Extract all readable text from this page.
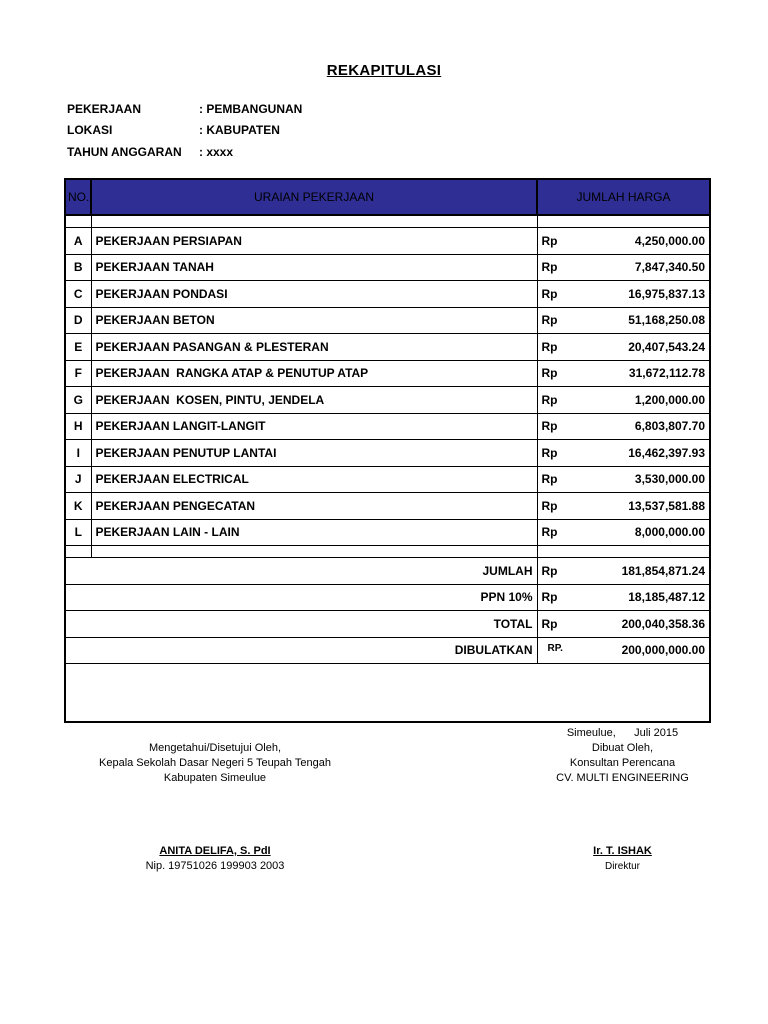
REKAPITULASI
PEKERJAAN	: PEMBANGUNAN
LOKASI	: KABUPATEN
TAHUN ANGGARAN : xxxx
NO.	URAIAN PEKERJAAN	JUMLAH HARGA

A	PEKERJAAN PERSIAPAN	Rp 4,250,000.00

B	PEKERJAAN TANAH	Rp 7,847,340.50

C	PEKERJAAN PONDASI	Rp 16,975,837.13

D	PEKERJAAN BETON	Rp 51,168,250.08

E	PEKERJAAN PASANGAN & PLESTERAN	Rp 20,407,543.24

F	PEKERJAAN  RANGKA ATAP & PENUTUP ATAP	Rp 31,672,112.78

G	PEKERJAAN  KOSEN, PINTU, JENDELA	Rp 1,200,000.00

H	PEKERJAAN LANGIT-LANGIT	Rp 6,803,807.70

I	PEKERJAAN PENUTUP LANTAI	Rp 16,462,397.93

J	PEKERJAAN ELECTRICAL	Rp 3,530,000.00

K	PEKERJAAN PENGECATAN	Rp 13,537,581.88

L	PEKERJAAN LAIN - LAIN	Rp 8,000,000.00

JUMLAH		Rp 181,854,871.24

PPN 10%		Rp 18,185,487.12

TOTAL		Rp 200,040,358.36

DIBULATKAN		RP. 200,000,000.00

Mengetahui/Disetujui Oleh,
Kepala Sekolah Dasar Negeri 5 Teupah Tengah
Kabupaten Simeulue
ANITA DELIFA, S. PdI
Nip. 19751026 199903 2003
Simeulue,      Juli 2015
Dibuat Oleh,
Konsultan Perencana
CV. MULTI ENGINEERING
Ir. T. ISHAK
Direktur
